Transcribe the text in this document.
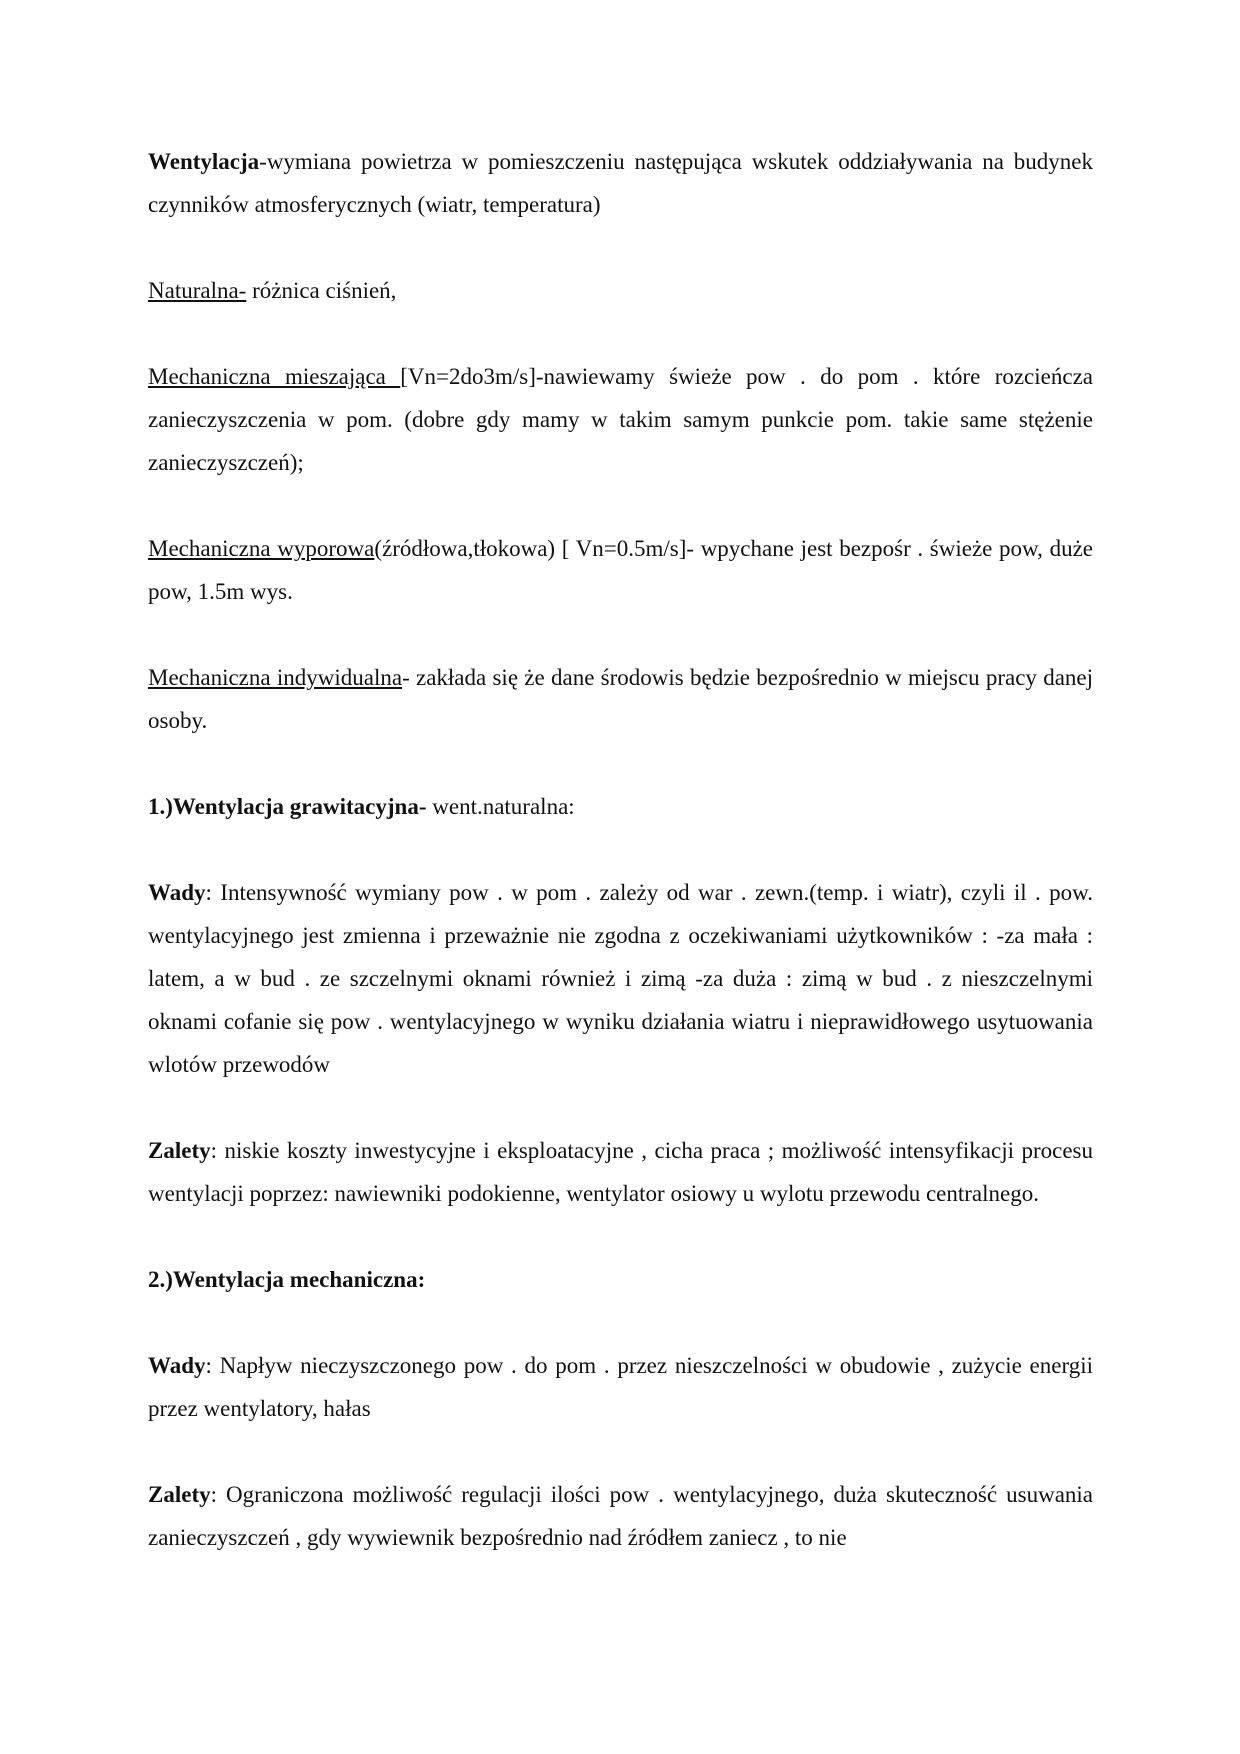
Wentylacja-wymiana powietrza w pomieszczeniu następująca wskutek oddziaływania na budynek czynników atmosferycznych (wiatr, temperatura)

Naturalna- różnica ciśnień,

Mechaniczna mieszająca [Vn=2do3m/s]-nawiewamy świeże pow . do pom . które rozcieńcza zanieczyszczenia w pom. (dobre gdy mamy w takim samym punkcie pom. takie same stężenie zanieczyszczeń);

Mechaniczna wyporowa(źródłowa,tłokowa) [ Vn=0.5m/s]- wpychane jest bezpośr . świeże pow, duże pow, 1.5m wys.

Mechaniczna indywidualna- zakłada się że dane środowis będzie bezpośrednio w miejscu pracy danej osoby.

1.)Wentylacja grawitacyjna- went.naturalna:

Wady: Intensywność wymiany pow . w pom . zależy od war . zewn.(temp. i wiatr), czyli il . pow. wentylacyjnego jest zmienna i przeważnie nie zgodna z oczekiwaniami użytkowników : -za mała : latem, a w bud . ze szczelnymi oknami również i zimą -za duża : zimą w bud . z nieszczelnymi oknami cofanie się pow . wentylacyjnego w wyniku działania wiatru i nieprawidłowego usytuowania wlotów przewodów

Zalety: niskie koszty inwestycyjne i eksploatacyjne , cicha praca ; możliwość intensyfikacji procesu wentylacji poprzez: nawiewniki podokienne, wentylator osiowy u wylotu przewodu centralnego.

2.)Wentylacja mechaniczna:

Wady: Napływ nieczyszczonego pow . do pom . przez nieszczelności w obudowie , zużycie energii przez wentylatory, hałas

Zalety: Ograniczona możliwość regulacji ilości pow . wentylacyjnego, duża skuteczność usuwania zanieczyszczeń , gdy wywiewnik bezpośrednio nad źródłem zaniecz , to nie
